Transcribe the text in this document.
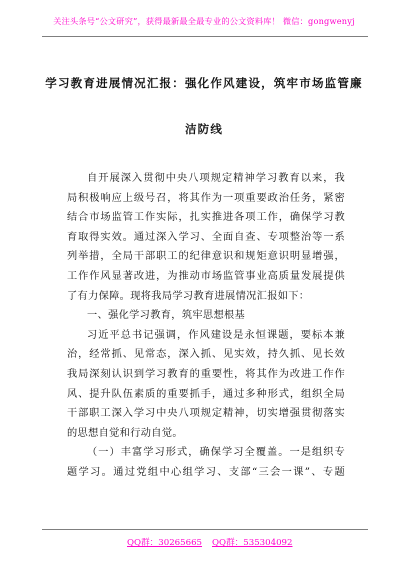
关注头条号“公文研究”，获得最新最全最专业的公文资料库！ 微信：gongwenyj
学习教育进展情况汇报：强化作风建设，筑牢市场监管廉
洁防线
自开展深入贯彻中央八项规定精神学习教育以来，我
局积极响应上级号召，将其作为一项重要政治任务，紧密
结合市场监管工作实际，扎实推进各项工作，确保学习教
育取得实效。通过深入学习、全面自查、专项整治等一系
列举措，全局干部职工的纪律意识和规矩意识明显增强，
工作作风显著改进，为推动市场监管事业高质量发展提供
了有力保障。现将我局学习教育进展情况汇报如下：
一、强化学习教育，筑牢思想根基
习近平总书记强调，作风建设是永恒课题，要标本兼
治，经常抓、见常态，深入抓、见实效，持久抓、见长效
我局深刻认识到学习教育的重要性，将其作为改进工作作
风、提升队伍素质的重要抓手，通过多种形式，组织全局
干部职工深入学习中央八项规定精神，切实增强贯彻落实
的思想自觉和行动自觉。
（一）丰富学习形式，确保学习全覆盖。一是组织专
题学习。通过党组中心组学习、支部“三会一课”、专题
QQ群：30265665 QQ群：535304092
